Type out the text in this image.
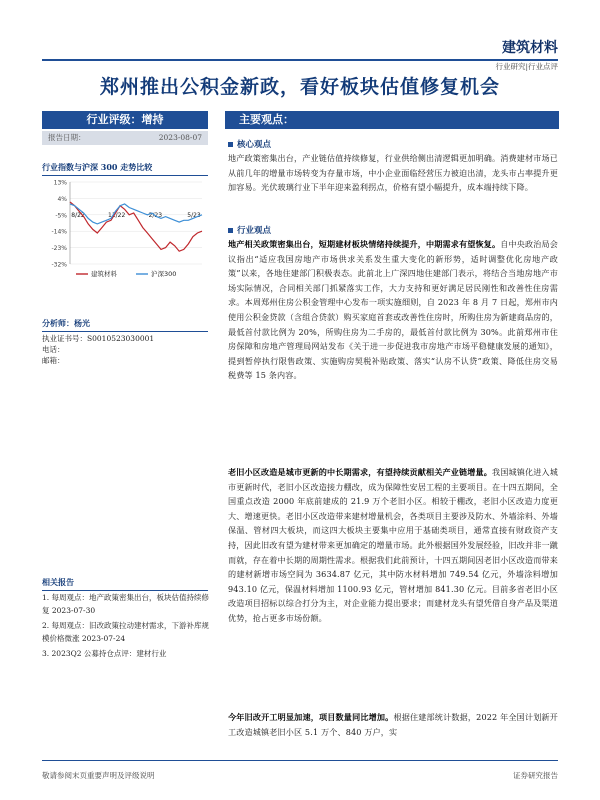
建筑材料
行业研究|行业点评
郑州推出公积金新政，看好板块估值修复机会
行业评级：增持
报告日期：	2023-08-07
行业指数与沪深 300 走势比较
13%
4%
-5%
-14%
-23%
-32%
8/22	11/22	2/23	5/23
建筑材料	沪深300
分析师：杨光
执业证书号：S0010523030001
电话：
邮箱：
相关报告
1. 每周观点：地产政策密集出台，板块估值持续修复 2023-07-30
2. 每周观点：旧改政策拉动建材需求，下游补库规模价格微涨 2023-07-24
3. 2023Q2 公募持仓点评：建材行业
主要观点：
核心观点
地产政策密集出台，产业链估值持续修复，行业供给侧出清逻辑更加明确。消费建材市场已从前几年的增量市场转变为存量市场，中小企业面临经营压力被迫出清，龙头市占率提升更加容易。光伏玻璃行业下半年迎来盈利拐点，价格有望小幅提升，成本端持续下降。
行业观点
地产相关政策密集出台，短期建材板块情绪持续提升，中期需求有望恢复。自中央政治局会议指出“适应我国房地产市场供求关系发生重大变化的新形势，适时调整优化房地产政策”以来，各地住建部门积极表态。此前北上广深四地住建部门表示，将结合当地房地产市场实际情况，合同相关部门抓紧落实工作，大力支持和更好满足居民刚性和改善性住房需求。本周郑州住房公积金管理中心发布一项实施细则，自 2023 年 8 月 7 日起，郑州市内使用公积金贷款（含组合贷款）购买家庭首套或改善性住房时，所购住房为新建商品房的，最低首付款比例为 20%，所购住房为二手房的，最低首付款比例为 30%。此前郑州市住房保障和房地产管理局网站发布《关于进一步促进我市房地产市场平稳健康发展的通知》，提到暂停执行限售政策、实施购房契税补贴政策、落实“认房不认贷”政策、降低住房交易税费等 15 条内容。
老旧小区改造是城市更新的中长期需求，有望持续贡献相关产业链增量。我国城镇化进入城市更新时代，老旧小区改造接力棚改，成为保障性安居工程的主要项目。在十四五期间，全国重点改造 2000 年底前建成的 21.9 万个老旧小区。相较于棚改，老旧小区改造力度更大、增速更快。老旧小区改造带来建材增量机会，各类项目主要涉及防水、外墙涂料、外墙保温、管材四大板块，而这四大板块主要集中应用于基础类项目，通常直接有财政资产支持，因此旧改有望为建材带来更加确定的增量市场。此外根据国外发展经验，旧改并非一蹴而就，存在着中长期的周期性需求。根据我们此前预计，十四五期间因老旧小区改造而带来的建材新增市场空间为 3634.87 亿元，其中防水材料增加 749.54 亿元，外墙涂料增加 943.10 亿元，保温材料增加 1100.93 亿元，管材增加 841.30 亿元。目前多省老旧小区改造项目招标以综合打分为主，对企业能力提出要求；而建材龙头有望凭借自身产品及渠道优势，抢占更多市场份额。
今年旧改开工明显加速，项目数量同比增加。根据住建部统计数据，2022 年全国计划新开工改造城镇老旧小区 5.1 万个、840 万户，实
敬请参阅末页重要声明及评级说明	证券研究报告
